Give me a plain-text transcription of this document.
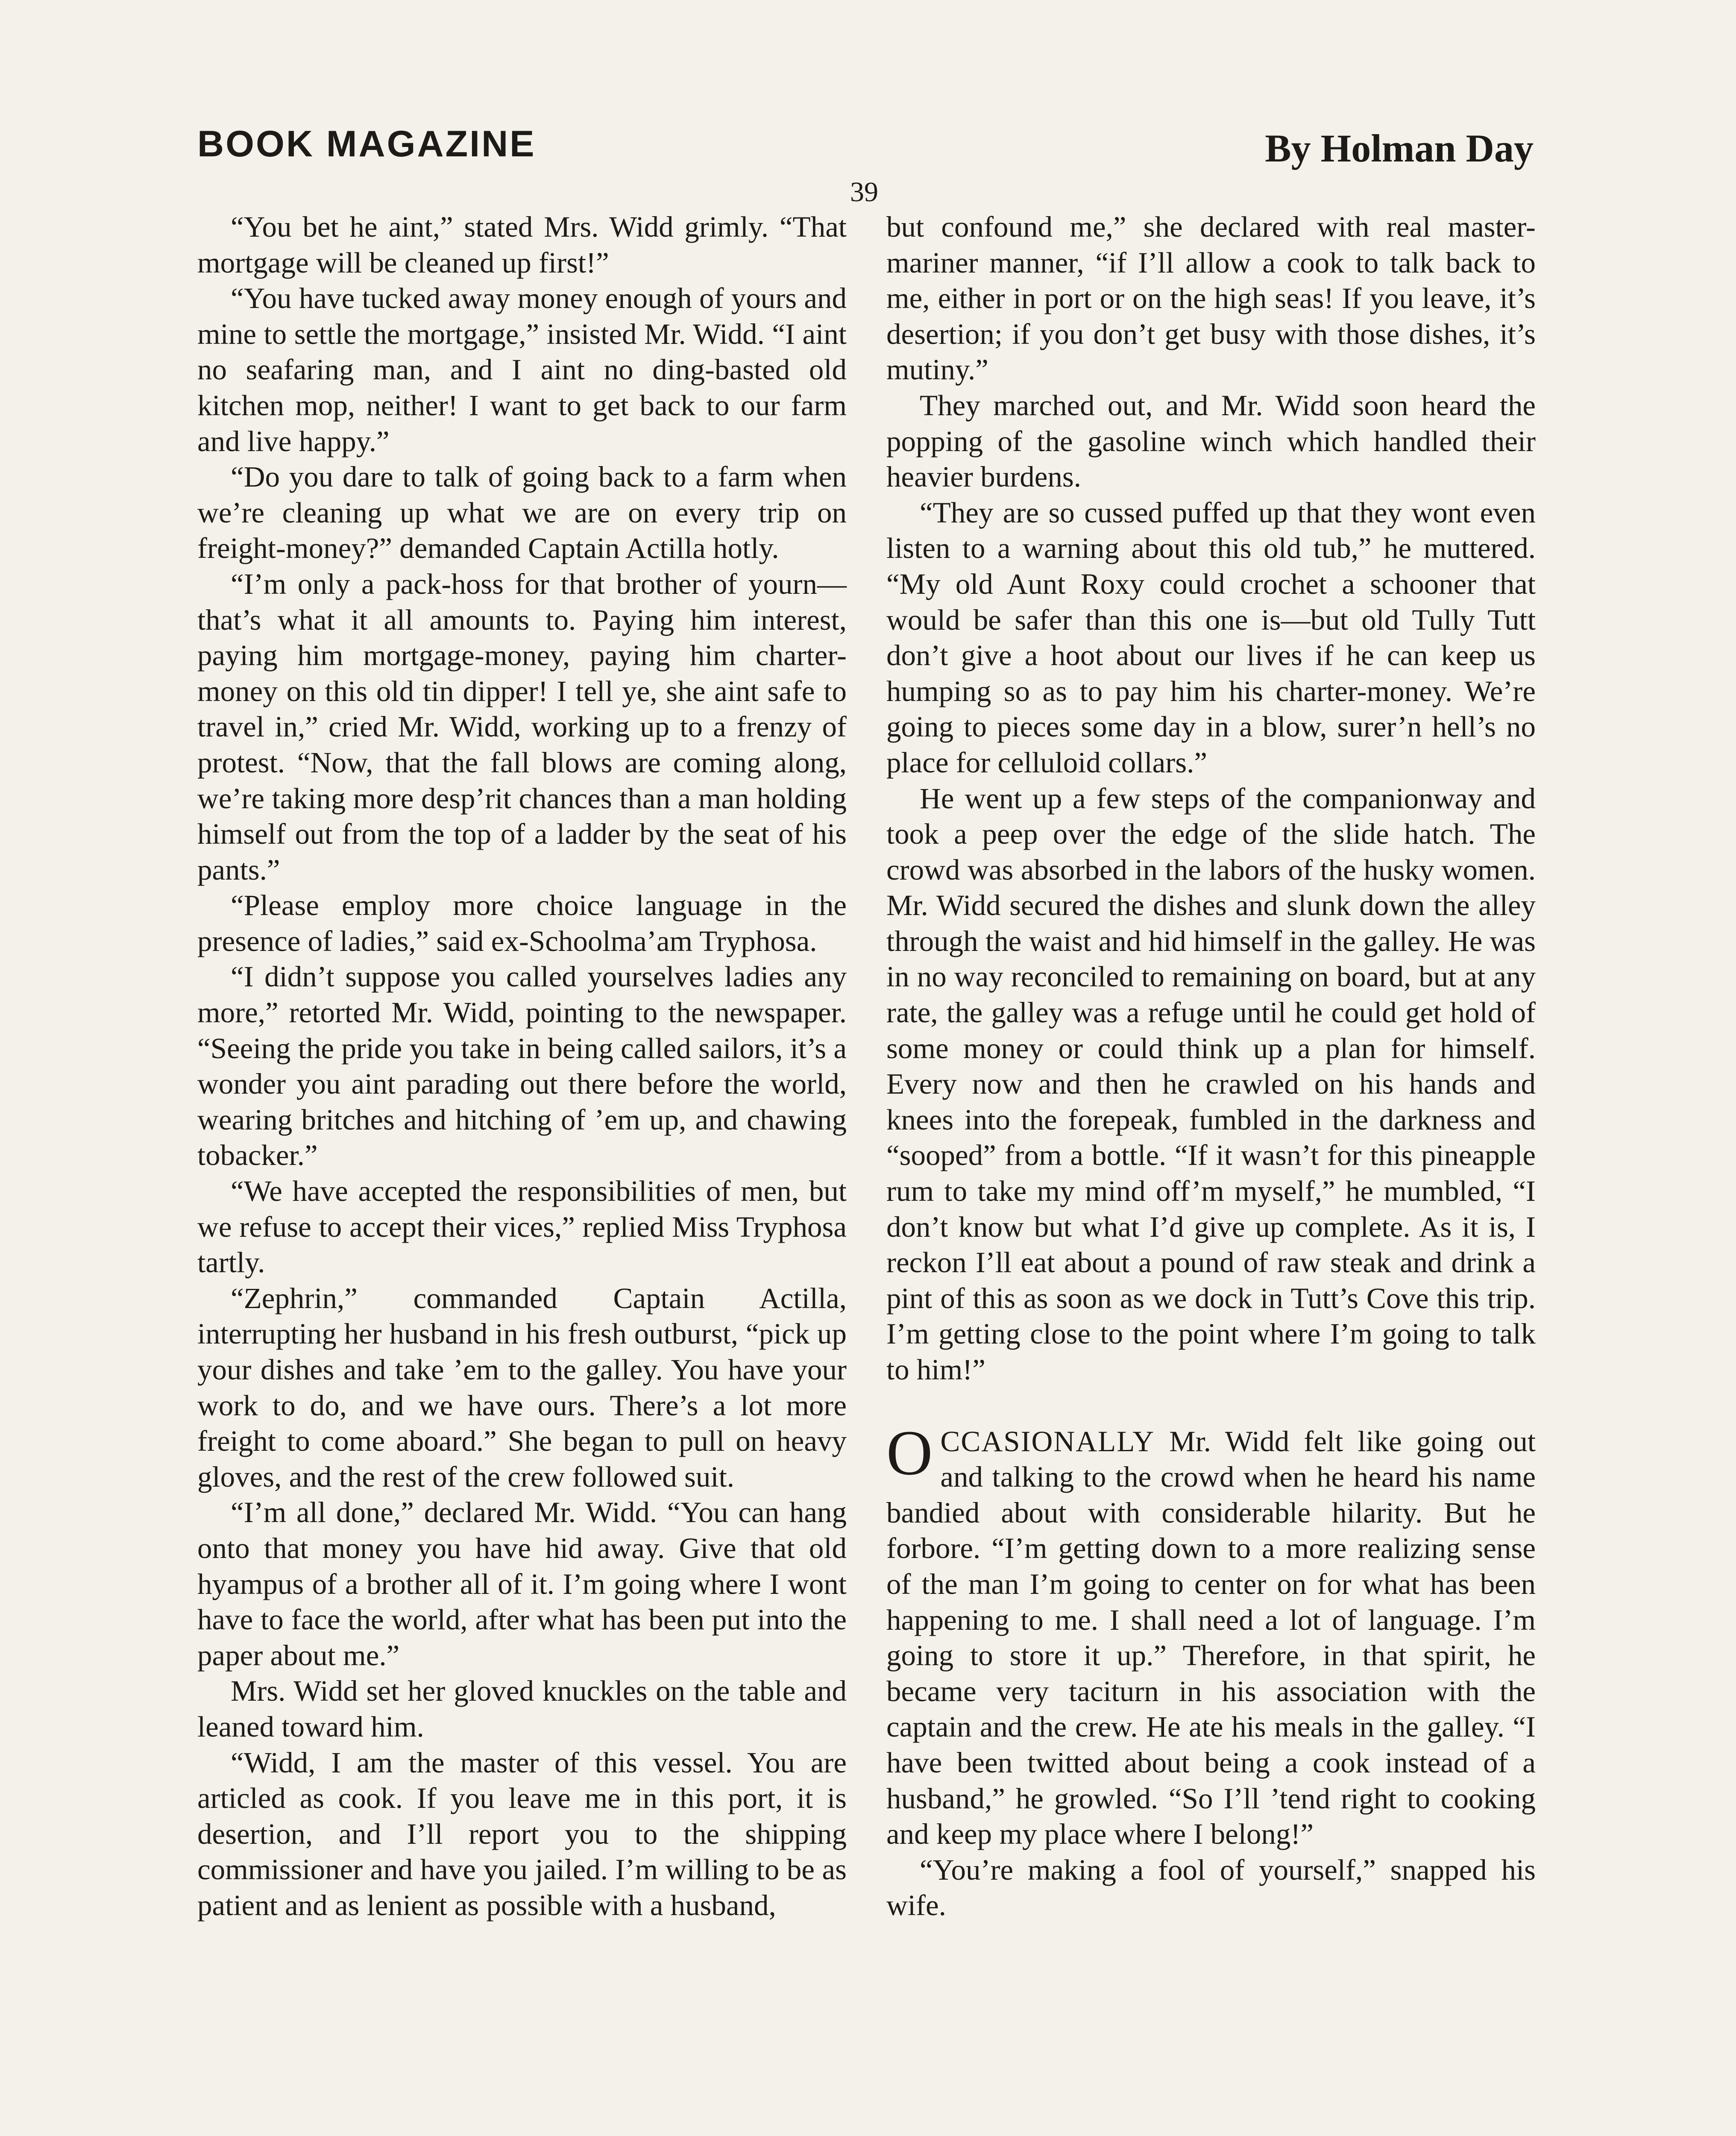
BOOK MAGAZINE	By Holman Day
39

“You bet he aint,” stated Mrs. Widd grimly. “That mortgage will be cleaned up first!”

“You have tucked away money enough of yours and mine to settle the mortgage,” insisted Mr. Widd. “I aint no seafaring man, and I aint no ding-basted old kitchen mop, neither! I want to get back to our farm and live happy.”

“Do you dare to talk of going back to a farm when we’re cleaning up what we are on every trip on freight-money?” demanded Captain Actilla hotly.

“I’m only a pack-hoss for that brother of yourn—that’s what it all amounts to. Paying him interest, paying him mortgage-money, paying him charter-money on this old tin dipper! I tell ye, she aint safe to travel in,” cried Mr. Widd, working up to a frenzy of protest. “Now, that the fall blows are coming along, we’re taking more desp’rit chances than a man holding himself out from the top of a ladder by the seat of his pants.”

“Please employ more choice language in the presence of ladies,” said ex-Schoolma’am Tryphosa.

“I didn’t suppose you called yourselves ladies any more,” retorted Mr. Widd, pointing to the newspaper. “Seeing the pride you take in being called sailors, it’s a wonder you aint parading out there before the world, wearing britches and hitching of ’em up, and chawing tobacker.”

“We have accepted the responsibilities of men, but we refuse to accept their vices,” replied Miss Tryphosa tartly.

“Zephrin,” commanded Captain Actilla, interrupting her husband in his fresh outburst, “pick up your dishes and take ’em to the galley. You have your work to do, and we have ours. There’s a lot more freight to come aboard.” She began to pull on heavy gloves, and the rest of the crew followed suit.

“I’m all done,” declared Mr. Widd. “You can hang onto that money you have hid away. Give that old hyampus of a brother all of it. I’m going where I wont have to face the world, after what has been put into the paper about me.”

Mrs. Widd set her gloved knuckles on the table and leaned toward him.

“Widd, I am the master of this vessel. You are articled as cook. If you leave me in this port, it is desertion, and I’ll report you to the shipping commissioner and have you jailed. I’m willing to be as patient and as lenient as possible with a husband,

but confound me,” she declared with real master-mariner manner, “if I’ll allow a cook to talk back to me, either in port or on the high seas! If you leave, it’s desertion; if you don’t get busy with those dishes, it’s mutiny.”

They marched out, and Mr. Widd soon heard the popping of the gasoline winch which handled their heavier burdens.

“They are so cussed puffed up that they wont even listen to a warning about this old tub,” he muttered. “My old Aunt Roxy could crochet a schooner that would be safer than this one is—but old Tully Tutt don’t give a hoot about our lives if he can keep us humping so as to pay him his charter-money. We’re going to pieces some day in a blow, surer’n hell’s no place for celluloid collars.”

He went up a few steps of the companionway and took a peep over the edge of the slide hatch. The crowd was absorbed in the labors of the husky women. Mr. Widd secured the dishes and slunk down the alley through the waist and hid himself in the galley. He was in no way reconciled to remaining on board, but at any rate, the galley was a refuge until he could get hold of some money or could think up a plan for himself. Every now and then he crawled on his hands and knees into the forepeak, fumbled in the darkness and “sooped” from a bottle. “If it wasn’t for this pineapple rum to take my mind off’m myself,” he mumbled, “I don’t know but what I’d give up complete. As it is, I reckon I’ll eat about a pound of raw steak and drink a pint of this as soon as we dock in Tutt’s Cove this trip. I’m getting close to the point where I’m going to talk to him!”

OCCASIONALLY Mr. Widd felt like going out and talking to the crowd when he heard his name bandied about with considerable hilarity. But he forbore. “I’m getting down to a more realizing sense of the man I’m going to center on for what has been happening to me. I shall need a lot of language. I’m going to store it up.” Therefore, in that spirit, he became very taciturn in his association with the captain and the crew. He ate his meals in the galley. “I have been twitted about being a cook instead of a husband,” he growled. “So I’ll ’tend right to cooking and keep my place where I belong!”

“You’re making a fool of yourself,” snapped his wife.
